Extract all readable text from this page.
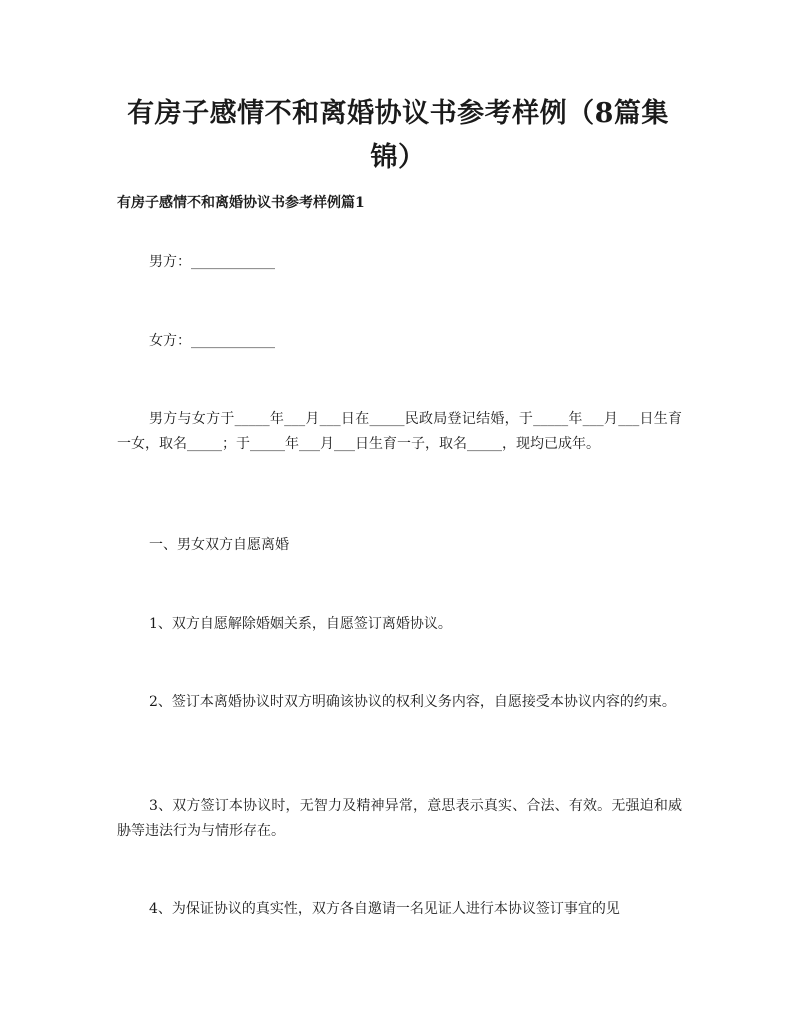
有房子感情不和离婚协议书参考样例（8篇集锦）
有房子感情不和离婚协议书参考样例篇1

男方：____________

女方：____________

男方与女方于_____年___月___日在_____民政局登记结婚，于_____年___月___日生育一女，取名_____；于_____年___月___日生育一子，取名_____，现均已成年。

一、男女双方自愿离婚

1、双方自愿解除婚姻关系，自愿签订离婚协议。

2、签订本离婚协议时双方明确该协议的权利义务内容，自愿接受本协议内容的约束。

3、双方签订本协议时，无智力及精神异常，意思表示真实、合法、有效。无强迫和威胁等违法行为与情形存在。

4、为保证协议的真实性，双方各自邀请一名见证人进行本协议签订事宜的见
